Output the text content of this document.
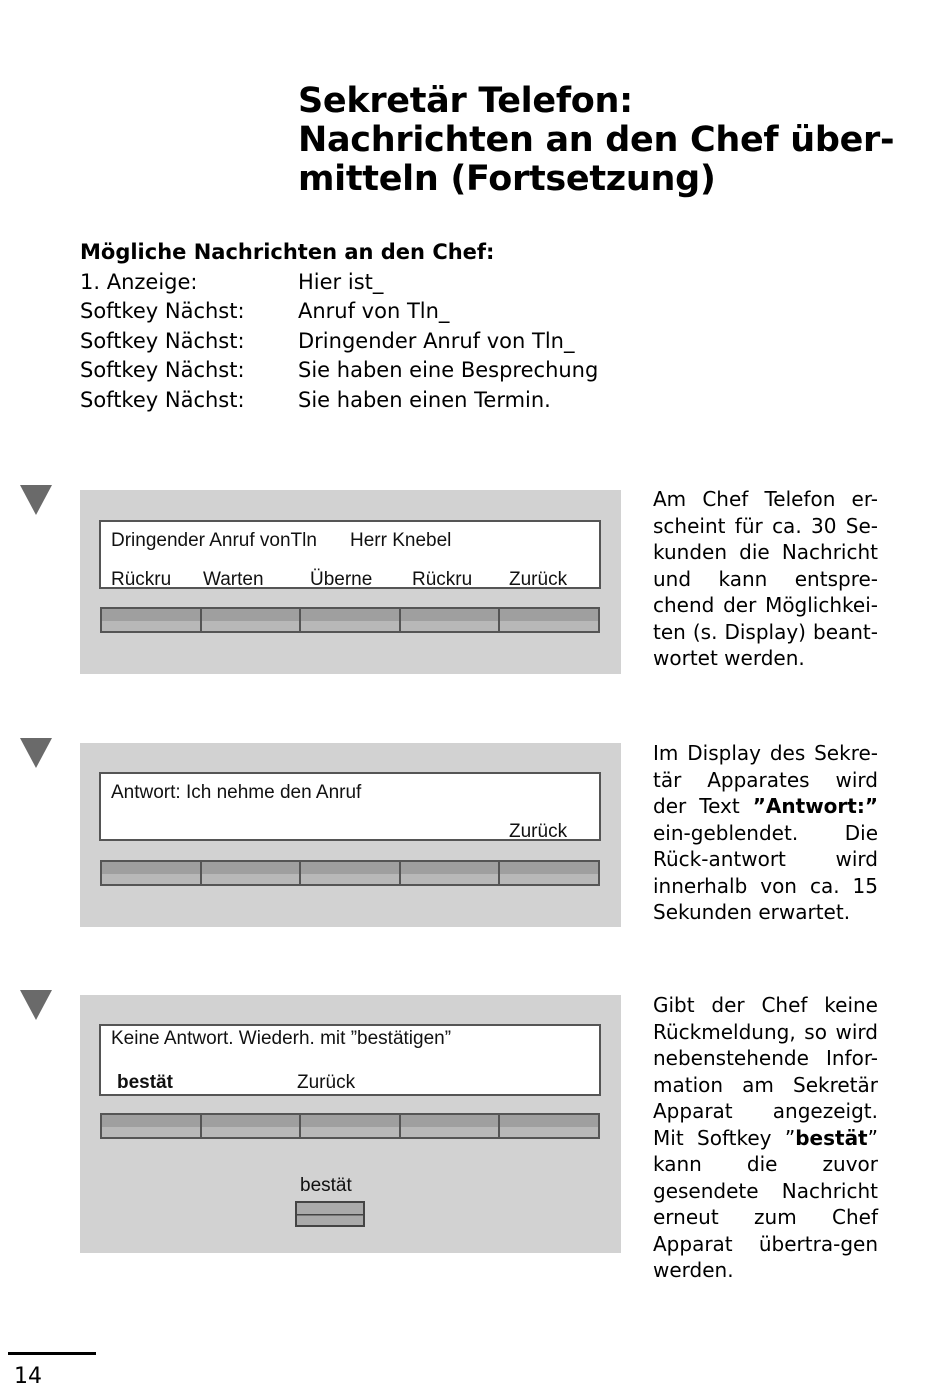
Sekretär Telefon:
Nachrichten an den Chef über-
mitteln (Fortsetzung)
Mögliche Nachrichten an den Chef:
1. Anzeige:	Hier ist_
Softkey Nächst:	Anruf von Tln_
Softkey Nächst:	Dringender Anruf von Tln_
Softkey Nächst:	Sie haben eine Besprechung
Softkey Nächst:	Sie haben einen Termin.
Dringender Anruf vonTln Herr Knebel
Rückru Warten Überne Rückru Zurück
Am Chef Telefon er-scheint für ca. 30 Se-kunden die Nachricht und kann entspre-chend der Möglichkei-ten (s. Display) beant-wortet werden.
Antwort: Ich nehme den Anruf
Zurück
Im Display des Sekre-tär Apparates wird der Text ”Antwort:” ein-geblendet. Die Rück-antwort wird innerhalb von ca. 15 Sekunden erwartet.
Keine Antwort. Wiederh. mit ”bestätigen”
bestät	Zurück
bestät
Gibt der Chef keine Rückmeldung, so wird nebenstehende Infor-mation am Sekretär Apparat angezeigt. Mit Softkey ”bestät” kann die zuvor gesendete Nachricht erneut zum Chef Apparat übertra-gen werden.
14
